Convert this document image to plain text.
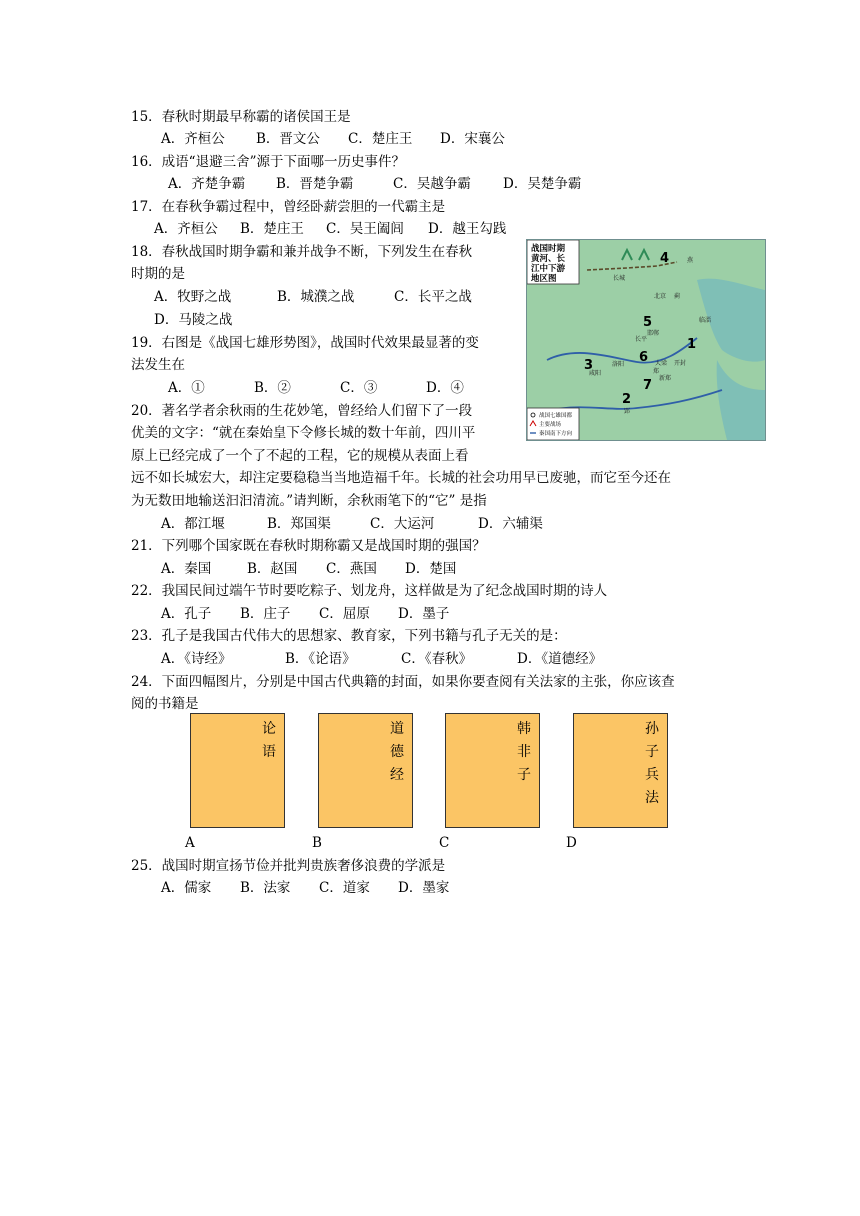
15．春秋时期最早称霸的诸侯国王是
A．齐桓公 B．晋文公 C．楚庄王 D．宋襄公
16．成语“退避三舍”源于下面哪一历史事件？
A．齐楚争霸 B．晋楚争霸	C．吴越争霸 D．吴楚争霸
17．在春秋争霸过程中，曾经卧薪尝胆的一代霸主是
A．齐桓公 B．楚庄王 C．吴王阖闾 D．越王勾践
18．春秋战国时期争霸和兼并战争不断，下列发生在春秋
时期的是
A．牧野之战	B．城濮之战	C．长平之战
D．马陵之战
19．右图是《战国七雄形势图》，战国时代效果最显著的变
法发生在
A．①	B．②	C．③	D．④
20．著名学者余秋雨的生花妙笔，曾经给人们留下了一段
优美的文字：“就在秦始皇下令修长城的数十年前，四川平
原上已经完成了一个了不起的工程，它的规模从表面上看
远不如长城宏大，却注定要稳稳当当地造福千年。长城的社会功用早已废驰，而它至今还在
为无数田地输送汩汩清流。”请判断，余秋雨笔下的“它” 是指
A．都江堰	B．郑国渠	C．大运河	D．六辅渠
21．下列哪个国家既在春秋时期称霸又是战国时期的强国？
A．秦国	B．赵国 C．燕国 D．楚国
22．我国民间过端午节时要吃粽子、划龙舟，这样做是为了纪念战国时期的诗人
A．孔子 B．庄子 C．屈原 D．墨子
23．孔子是我国古代伟大的思想家、教育家，下列书籍与孔子无关的是：
A．《诗经》	B．《论语》	C．《春秋》	D．《道德经》
24．下面四幅图片，分别是中国古代典籍的封面，如果你要查阅有关法家的主张，你应该查
阅的书籍是
论语
道德经
韩非子
孙子兵法
A	B	C	D
25．战国时期宣扬节俭并批判贵族奢侈浪费的学派是
A．儒家 B．法家 C．道家 D．墨家
战国时期 黄河、长 江中下游 地区图
1
2
3
4
5
6
7
燕
北京 蓟
临淄
邯郸
大梁
郑
洛阳
咸阳
长城
郢
长平
开封
新郑
战国七雄国都
主要战场
秦国南下方向
